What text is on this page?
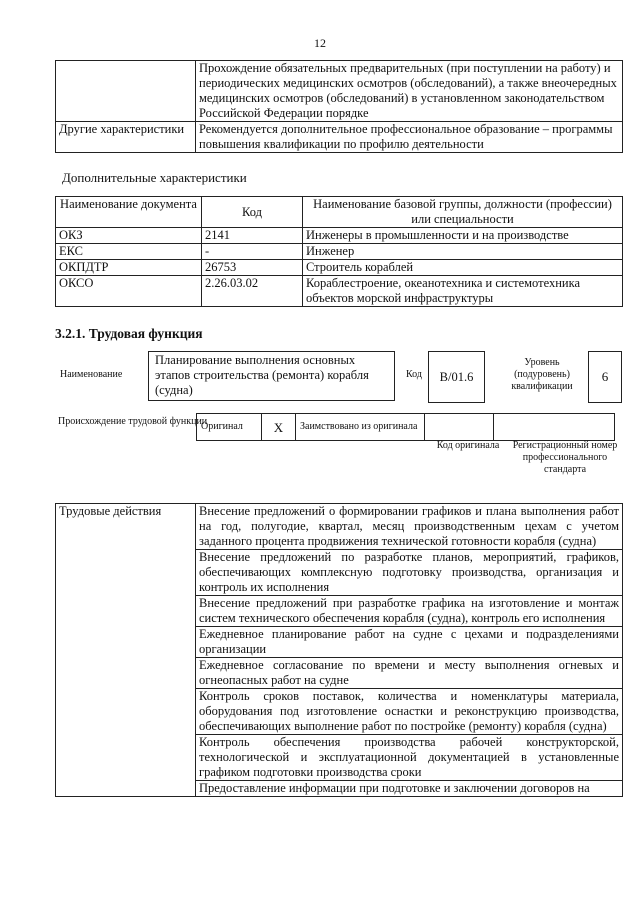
12
	Прохождение обязательных предварительных (при поступлении на работу) и периодических медицинских осмотров (обследований), а также внеочередных медицинских осмотров (обследований) в установленном законодательством Российской Федерации порядке
Другие характеристики	Рекомендуется дополнительное профессиональное образование – программы повышения квалификации по профилю деятельности
Дополнительные характеристики
Наименование документа	Код	Наименование базовой группы, должности (профессии) или специальности
ОКЗ	2141	Инженеры в промышленности и на производстве
ЕКС	-	Инженер
ОКПДТР	26753	Строитель кораблей
ОКСО	2.26.03.02	Кораблестроение, океанотехника и системотехника объектов морской инфраструктуры
3.2.1. Трудовая функция
Наименование
Планирование выполнения основных этапов строительства (ремонта) корабля (судна)
Код	B/01.6
Уровень (подуровень) квалификации
6
Происхождение трудовой функции
Оригинал	X	Заимствовано из оригинала		
Код оригинала	Регистрационный номер профессионального стандарта
Трудовые действия	Внесение предложений о формировании графиков и плана выполнения работ на год, полугодие, квартал, месяц производственным цехам с учетом заданного процента продвижения технической готовности корабля (судна)
Внесение предложений по разработке планов, мероприятий, графиков, обеспечивающих комплексную подготовку производства, организация и контроль их исполнения
Внесение предложений при разработке графика на изготовление и монтаж систем технического обеспечения корабля (судна), контроль его исполнения
Ежедневное планирование работ на судне с цехами и подразделениями организации
Ежедневное согласование по времени и месту выполнения огневых и огнеопасных работ на судне
Контроль сроков поставок, количества и номенклатуры материала, оборудования под изготовление оснастки и реконструкцию производства, обеспечивающих выполнение работ по постройке (ремонту) корабля (судна)
Контроль обеспечения производства рабочей конструкторской, технологической и эксплуатационной документацией в установленные графиком подготовки производства сроки
Предоставление информации при подготовке и заключении договоров на
